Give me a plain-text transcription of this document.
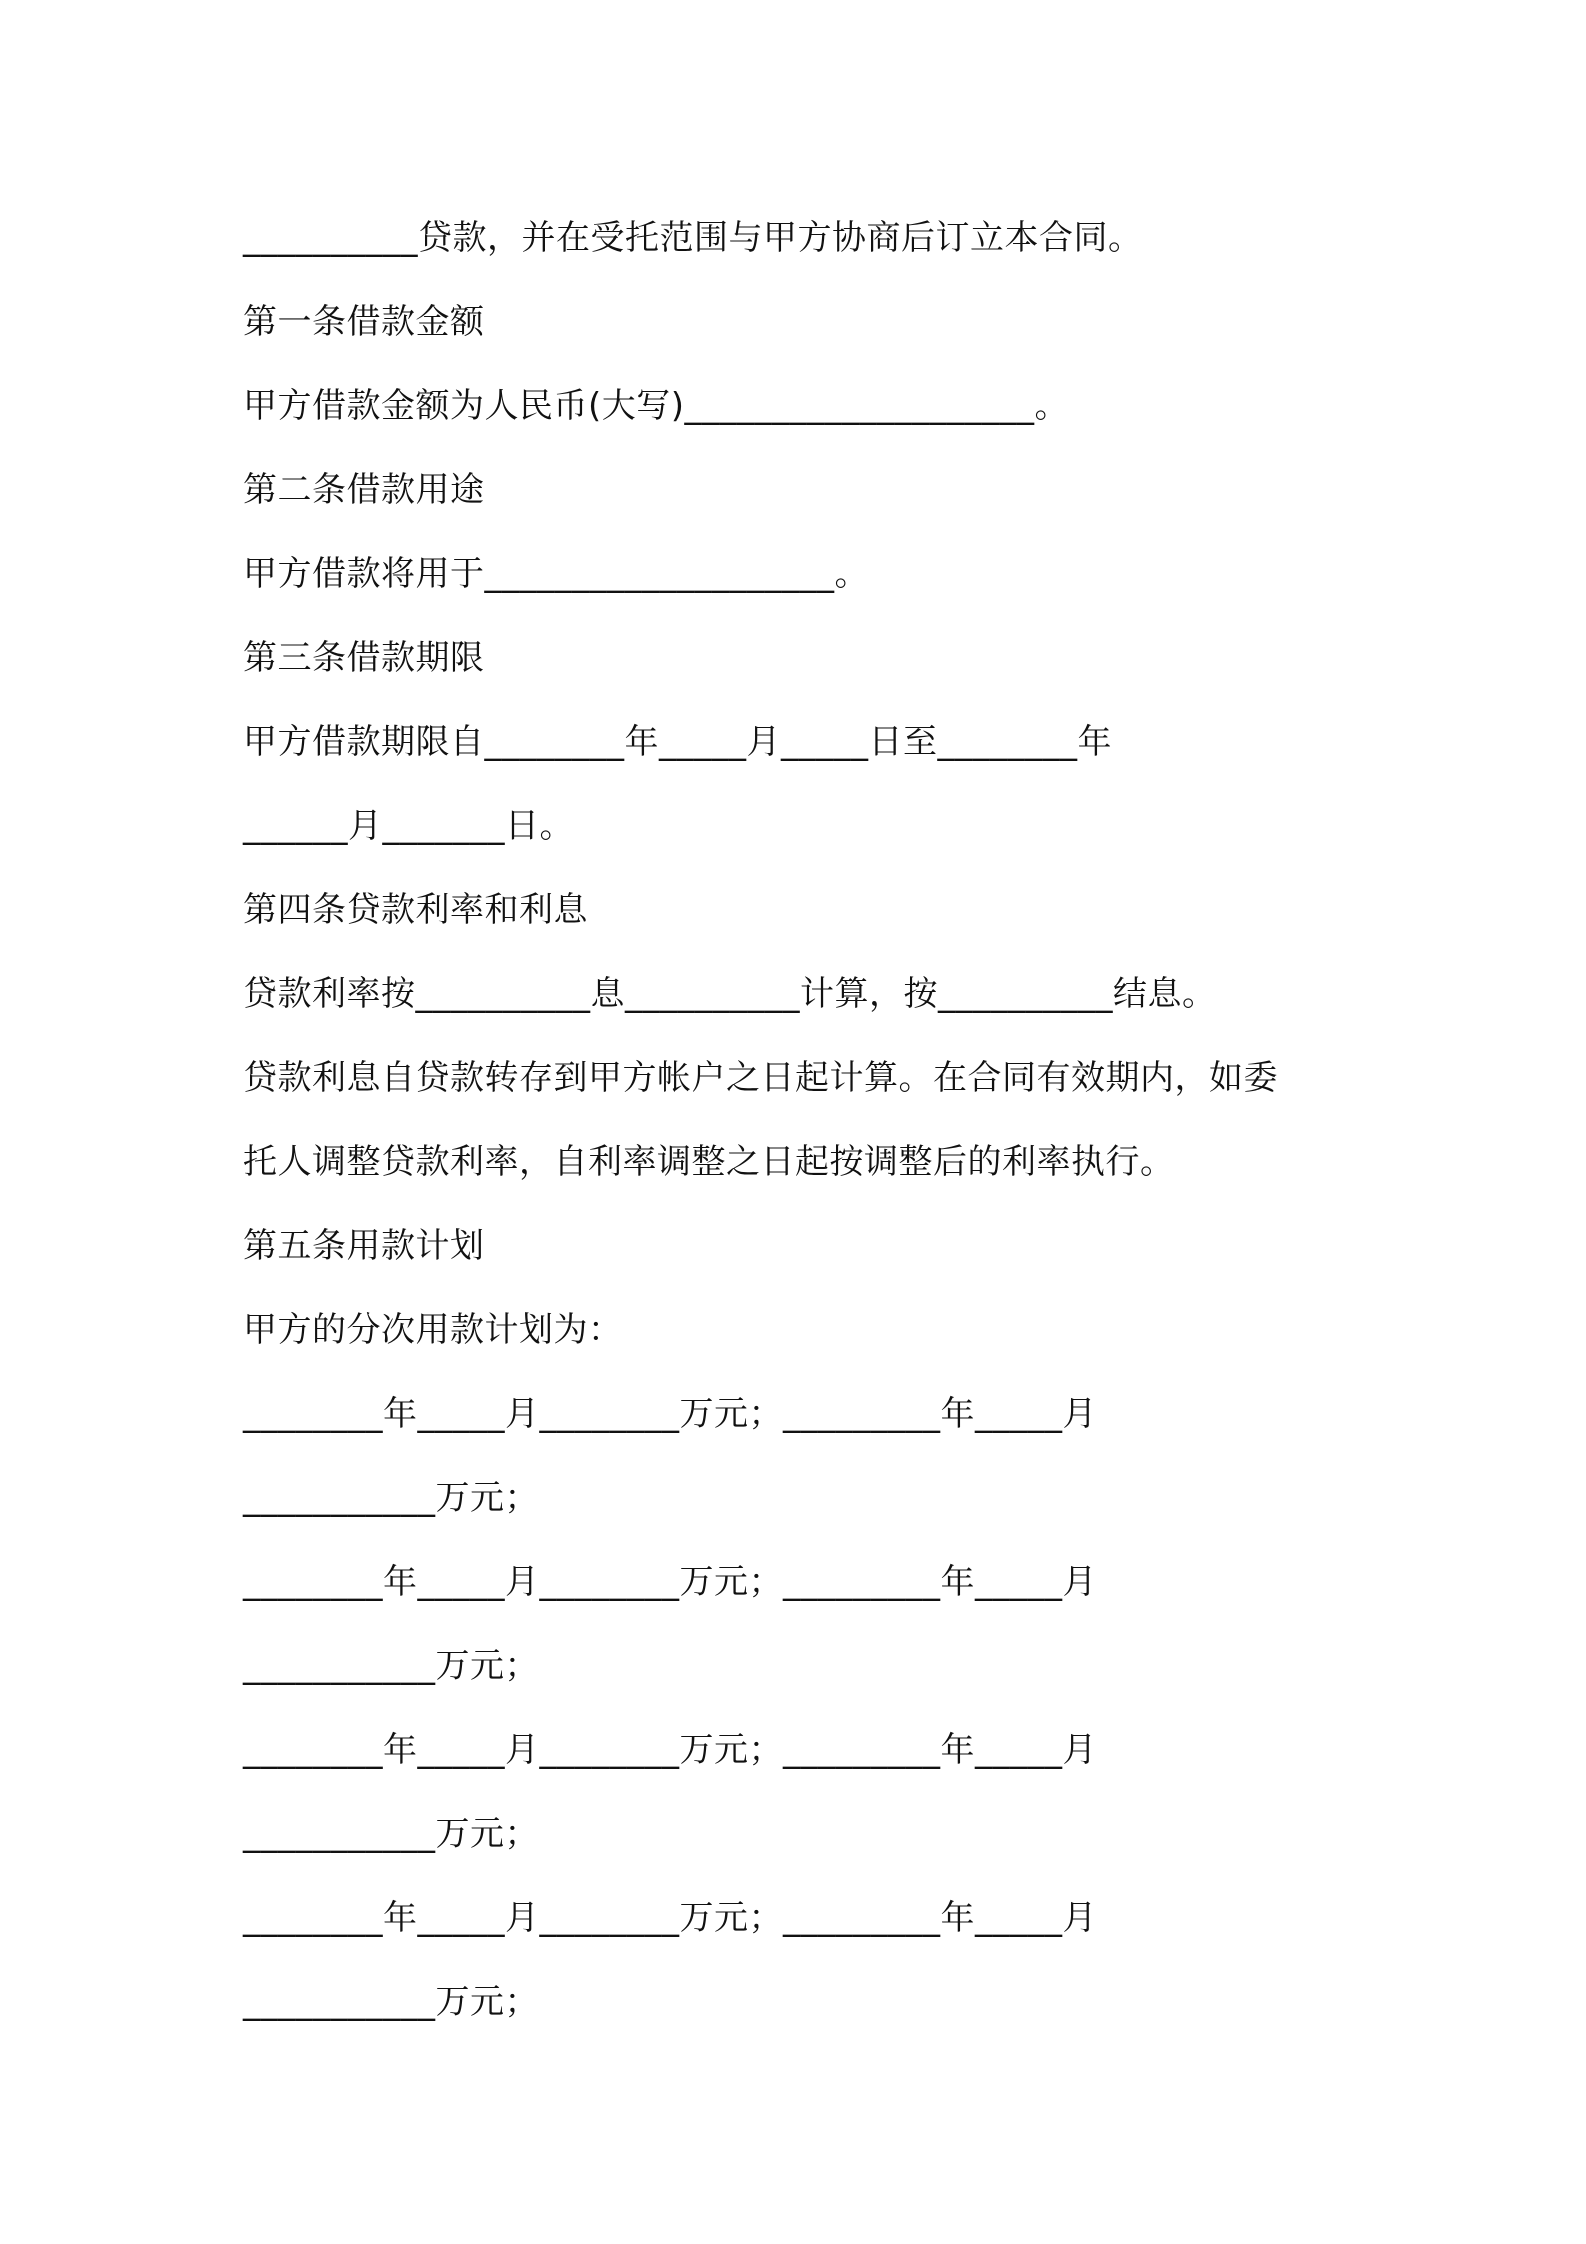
__________贷款，并在受托范围与甲方协商后订立本合同。

第一条借款金额

甲方借款金额为人民币(大写)____________________。

第二条借款用途

甲方借款将用于____________________。

第三条借款期限

甲方借款期限自________年_____月_____日至________年

______月_______日。

第四条贷款利率和利息

贷款利率按__________息__________计算，按__________结息。

贷款利息自贷款转存到甲方帐户之日起计算。在合同有效期内，如委

托人调整贷款利率，自利率调整之日起按调整后的利率执行。

第五条用款计划

甲方的分次用款计划为：

________年_____月________万元；_________年_____月

___________万元；

________年_____月________万元；_________年_____月

___________万元；

________年_____月________万元；_________年_____月

___________万元；

________年_____月________万元；_________年_____月

___________万元；
